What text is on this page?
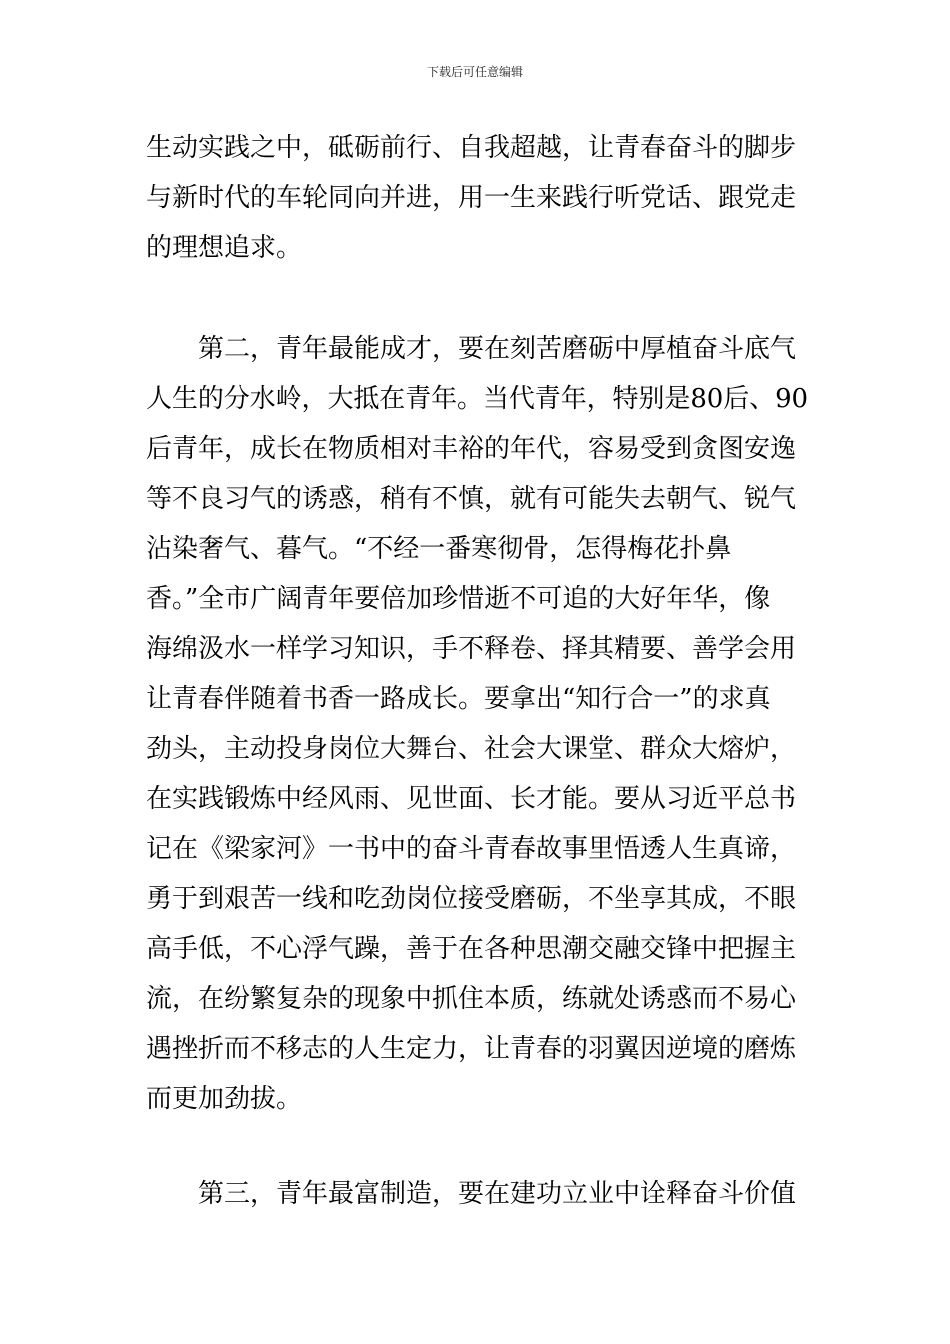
下载后可任意编辑
生动实践之中，砥砺前行、自我超越，让青春奋斗的脚步
与新时代的车轮同向并进，用一生来践行听党话、跟党走
的理想追求。
第二，青年最能成才，要在刻苦磨砺中厚植奋斗底气
人生的分水岭，大抵在青年。当代青年，特别是80后、90
后青年，成长在物质相对丰裕的年代，容易受到贪图安逸
等不良习气的诱惑，稍有不慎，就有可能失去朝气、锐气
沾染奢气、暮气。“不经一番寒彻骨，怎得梅花扑鼻
香。”全市广阔青年要倍加珍惜逝不可追的大好年华，像
海绵汲水一样学习知识，手不释卷、择其精要、善学会用
让青春伴随着书香一路成长。要拿出“知行合一”的求真
劲头，主动投身岗位大舞台、社会大课堂、群众大熔炉，
在实践锻炼中经风雨、见世面、长才能。要从习近平总书
记在《梁家河》一书中的奋斗青春故事里悟透人生真谛，
勇于到艰苦一线和吃劲岗位接受磨砺，不坐享其成，不眼
高手低，不心浮气躁，善于在各种思潮交融交锋中把握主
流，在纷繁复杂的现象中抓住本质，练就处诱惑而不易心
遇挫折而不移志的人生定力，让青春的羽翼因逆境的磨炼
而更加劲拔。
第三，青年最富制造，要在建功立业中诠释奋斗价值
